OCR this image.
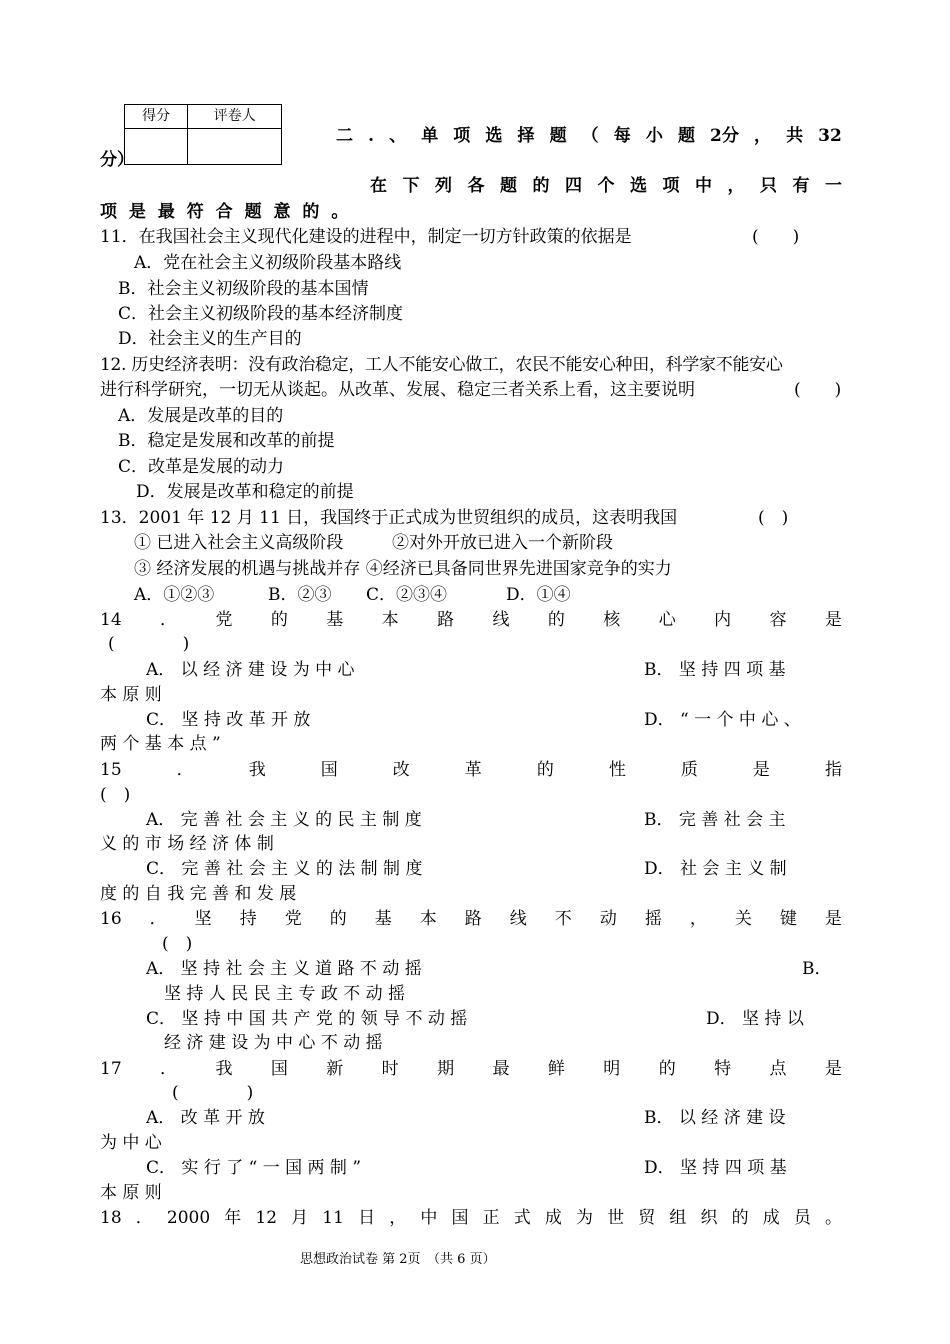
得分	评卷人

二 . 、 单 项 选 择 题 （ 每 小 题 2分 ， 共 32
分）
在 下 列 各 题 的 四 个 选 项 中 ， 只 有 一
项 是 最 符 合 题 意 的 。
11．在我国社会主义现代化建设的进程中，制定一切方针政策的依据是	(　　)
A．党在社会主义初级阶段基本路线
B．社会主义初级阶段的基本国情
C．社会主义初级阶段的基本经济制度
D．社会主义的生产目的
12. 历史经济表明：没有政治稳定，工人不能安心做工，农民不能安心种田，科学家不能安心
进行科学研究，一切无从谈起。从改革、发展、稳定三者关系上看，这主要说明	(　　)
A．发展是改革的目的
B．稳定是发展和改革的前提
C．改革是发展的动力
D．发展是改革和稳定的前提
13．2001 年 12 月 11 日，我国终于正式成为世贸组织的成员，这表明我国	(　)
① 已进入社会主义高级阶段	②对外开放已进入一个新阶段
③ 经济发展的机遇与挑战并存 ④经济已具备同世界先进国家竞争的实力
A．①②③	B．②③ C．②③④	D．①④
14 ． 党 的 基 本 路 线 的 核 心 内 容 是
(　　　　)
A． 以 经 济 建 设 为 中 心	B． 坚 持 四 项 基
本 原 则
C． 坚 持 改 革 开 放	D． “ 一 个 中 心 、
两 个 基 本 点 ”
15	．	我	国	改	革	的	性	质	是	指
(　)
A． 完 善 社 会 主 义 的 民 主 制 度	B． 完 善 社 会 主
义 的 市 场 经 济 体 制
C． 完 善 社 会 主 义 的 法 制 制 度	D． 社 会 主 义 制
度 的 自 我 完 善 和 发 展
16 ． 坚 持 党 的 基 本 路 线 不 动 摇 ， 关 键 是
(　)
A． 坚 持 社 会 主 义 道 路 不 动 摇	B．
坚 持 人 民 民 主 专 政 不 动 摇
C． 坚 持 中 国 共 产 党 的 领 导 不 动 摇	D． 坚 持 以
经 济 建 设 为 中 心 不 动 摇
17 ． 我 国 新 时 期 最 鲜 明 的 特 点 是
(　　　　)
A． 改 革 开 放	B． 以 经 济 建 设
为 中 心
C． 实 行 了 “ 一 国 两 制 ”	D． 坚 持 四 项 基
本 原 则
18 ． 2000 年 12 月 11 日 ， 中 国 正 式 成 为 世 贸 组 织 的 成 员 。
思想政治试卷 第 2页　（共 6 页）
